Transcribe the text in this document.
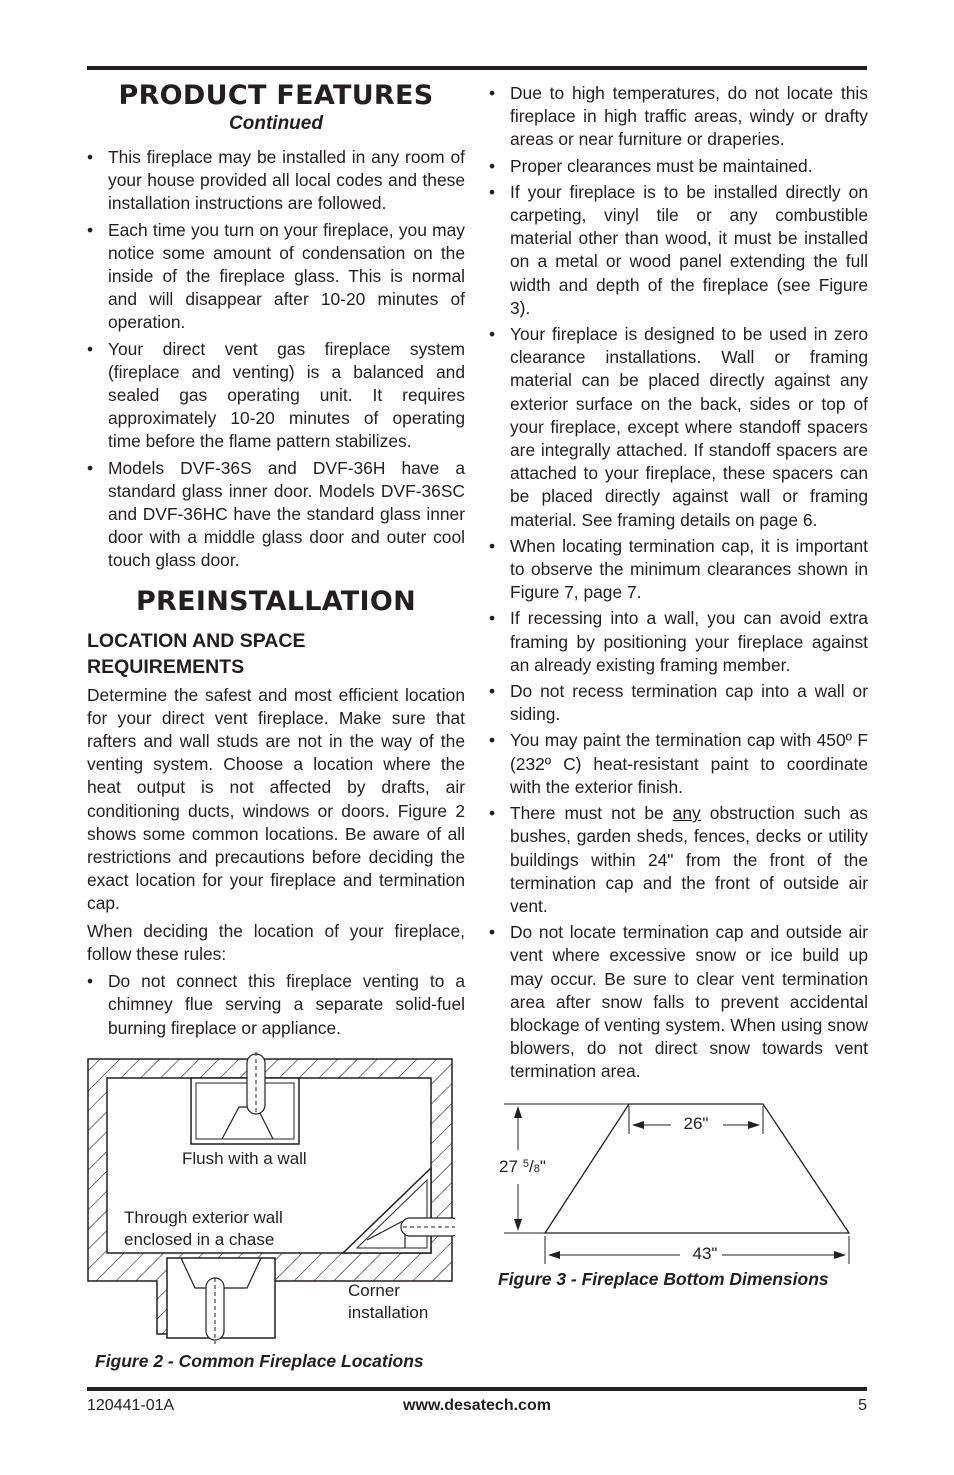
PRODUCT FEATURES
Continued
• This fireplace may be installed in any room of your house provided all local codes and these installation instructions are followed.
• Each time you turn on your fireplace, you may notice some amount of condensation on the inside of the fireplace glass. This is normal and will disappear after 10-20 minutes of operation.
• Your direct vent gas fireplace system (fireplace and venting) is a balanced and sealed gas operating unit. It requires approximately 10-20 minutes of operating time before the flame pattern stabilizes.
• Models DVF-36S and DVF-36H have a standard glass inner door. Models DVF-36SC and DVF-36HC have the standard glass inner door with a middle glass door and outer cool touch glass door.
PREINSTALLATION
LOCATION AND SPACE REQUIREMENTS

Determine the safest and most efficient location for your direct vent fireplace. Make sure that rafters and wall studs are not in the way of the venting system. Choose a location where the heat output is not affected by drafts, air conditioning ducts, windows or doors. Figure 2 shows some common locations. Be aware of all restrictions and precautions before deciding the exact location for your fireplace and termination cap.

When deciding the location of your fireplace, follow these rules:

• Do not connect this fireplace venting to a chimney flue serving a separate solid-fuel burning fireplace or appliance.
Flush with a wall
Through exterior wall
enclosed in a chase
Corner
installation
Figure 2 - Common Fireplace Locations
• Due to high temperatures, do not locate this fireplace in high traffic areas, windy or drafty areas or near furniture or draperies.
• Proper clearances must be maintained.
• If your fireplace is to be installed directly on carpeting, vinyl tile or any combustible material other than wood, it must be installed on a metal or wood panel extending the full width and depth of the fireplace (see Figure 3).
• Your fireplace is designed to be used in zero clearance installations. Wall or framing material can be placed directly against any exterior surface on the back, sides or top of your fireplace, except where standoff spacers are integrally attached. If standoff spacers are attached to your fireplace, these spacers can be placed directly against wall or framing material. See framing details on page 6.
• When locating termination cap, it is important to observe the minimum clearances shown in Figure 7, page 7.
• If recessing into a wall, you can avoid extra framing by positioning your fireplace against an already existing framing member.
• Do not recess termination cap into a wall or siding.
• You may paint the termination cap with 450º F (232º C) heat-resistant paint to coordinate with the exterior finish.
• There must not be any obstruction such as bushes, garden sheds, fences, decks or utility buildings within 24" from the front of the termination cap and the front of outside air vent.
• Do not locate termination cap and outside air vent where excessive snow or ice build up may occur. Be sure to clear vent termination area after snow falls to prevent accidental blockage of venting system. When using snow blowers, do not direct snow towards vent termination area.
26"
27 $^5$/8"
43"
Figure 3 - Fireplace Bottom Dimensions
120441-01A	www.desatech.com	5
